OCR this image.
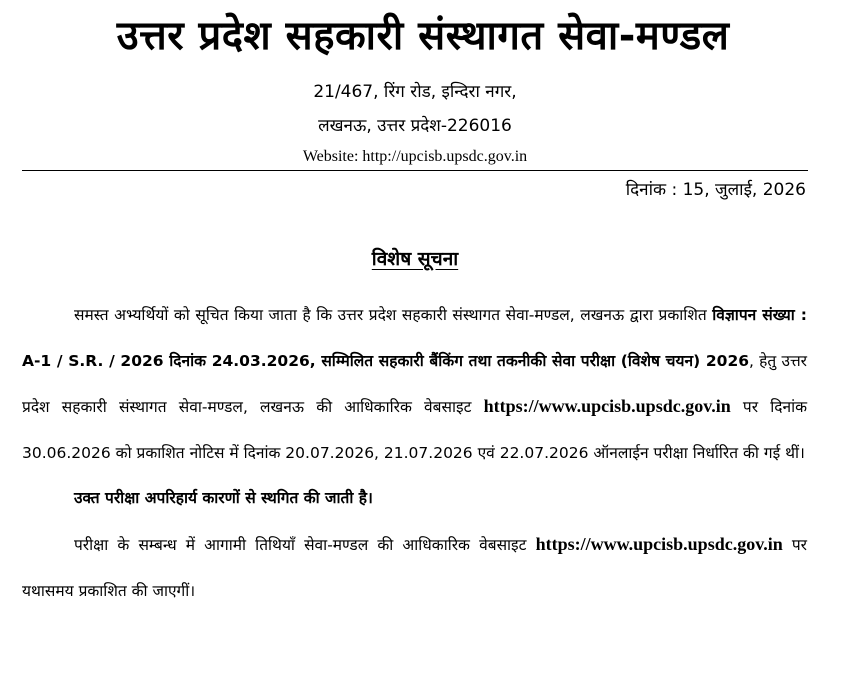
उत्तर प्रदेश सहकारी संस्थागत सेवा-मण्डल
21/467, रिंग रोड, इन्दिरा नगर,
लखनऊ, उत्तर प्रदेश-226016
Website: http://upcisb.upsdc.gov.in
दिनांक : 15, जुलाई, 2026
विशेष सूचना

समस्त अभ्यर्थियों को सूचित किया जाता है कि उत्तर प्रदेश सहकारी संस्थागत सेवा-मण्डल, लखनऊ द्वारा प्रकाशित विज्ञापन संख्या : A-1 / S.R. / 2026 दिनांक 24.03.2026, सम्मिलित सहकारी बैंकिंग तथा तकनीकी सेवा परीक्षा (विशेष चयन) 2026, हेतु उत्तर प्रदेश सहकारी संस्थागत सेवा-मण्डल, लखनऊ की आधिकारिक वेबसाइट https://www.upcisb.upsdc.gov.in पर दिनांक 30.06.2026 को प्रकाशित नोटिस में दिनांक 20.07.2026, 21.07.2026 एवं 22.07.2026 ऑनलाईन परीक्षा निर्धारित की गई थीं।

उक्त परीक्षा अपरिहार्य कारणों से स्थगित की जाती है।

परीक्षा के सम्बन्ध में आगामी तिथियाँ सेवा-मण्डल की आधिकारिक वेबसाइट https://www.upcisb.upsdc.gov.in पर यथासमय प्रकाशित की जाएगीं।
